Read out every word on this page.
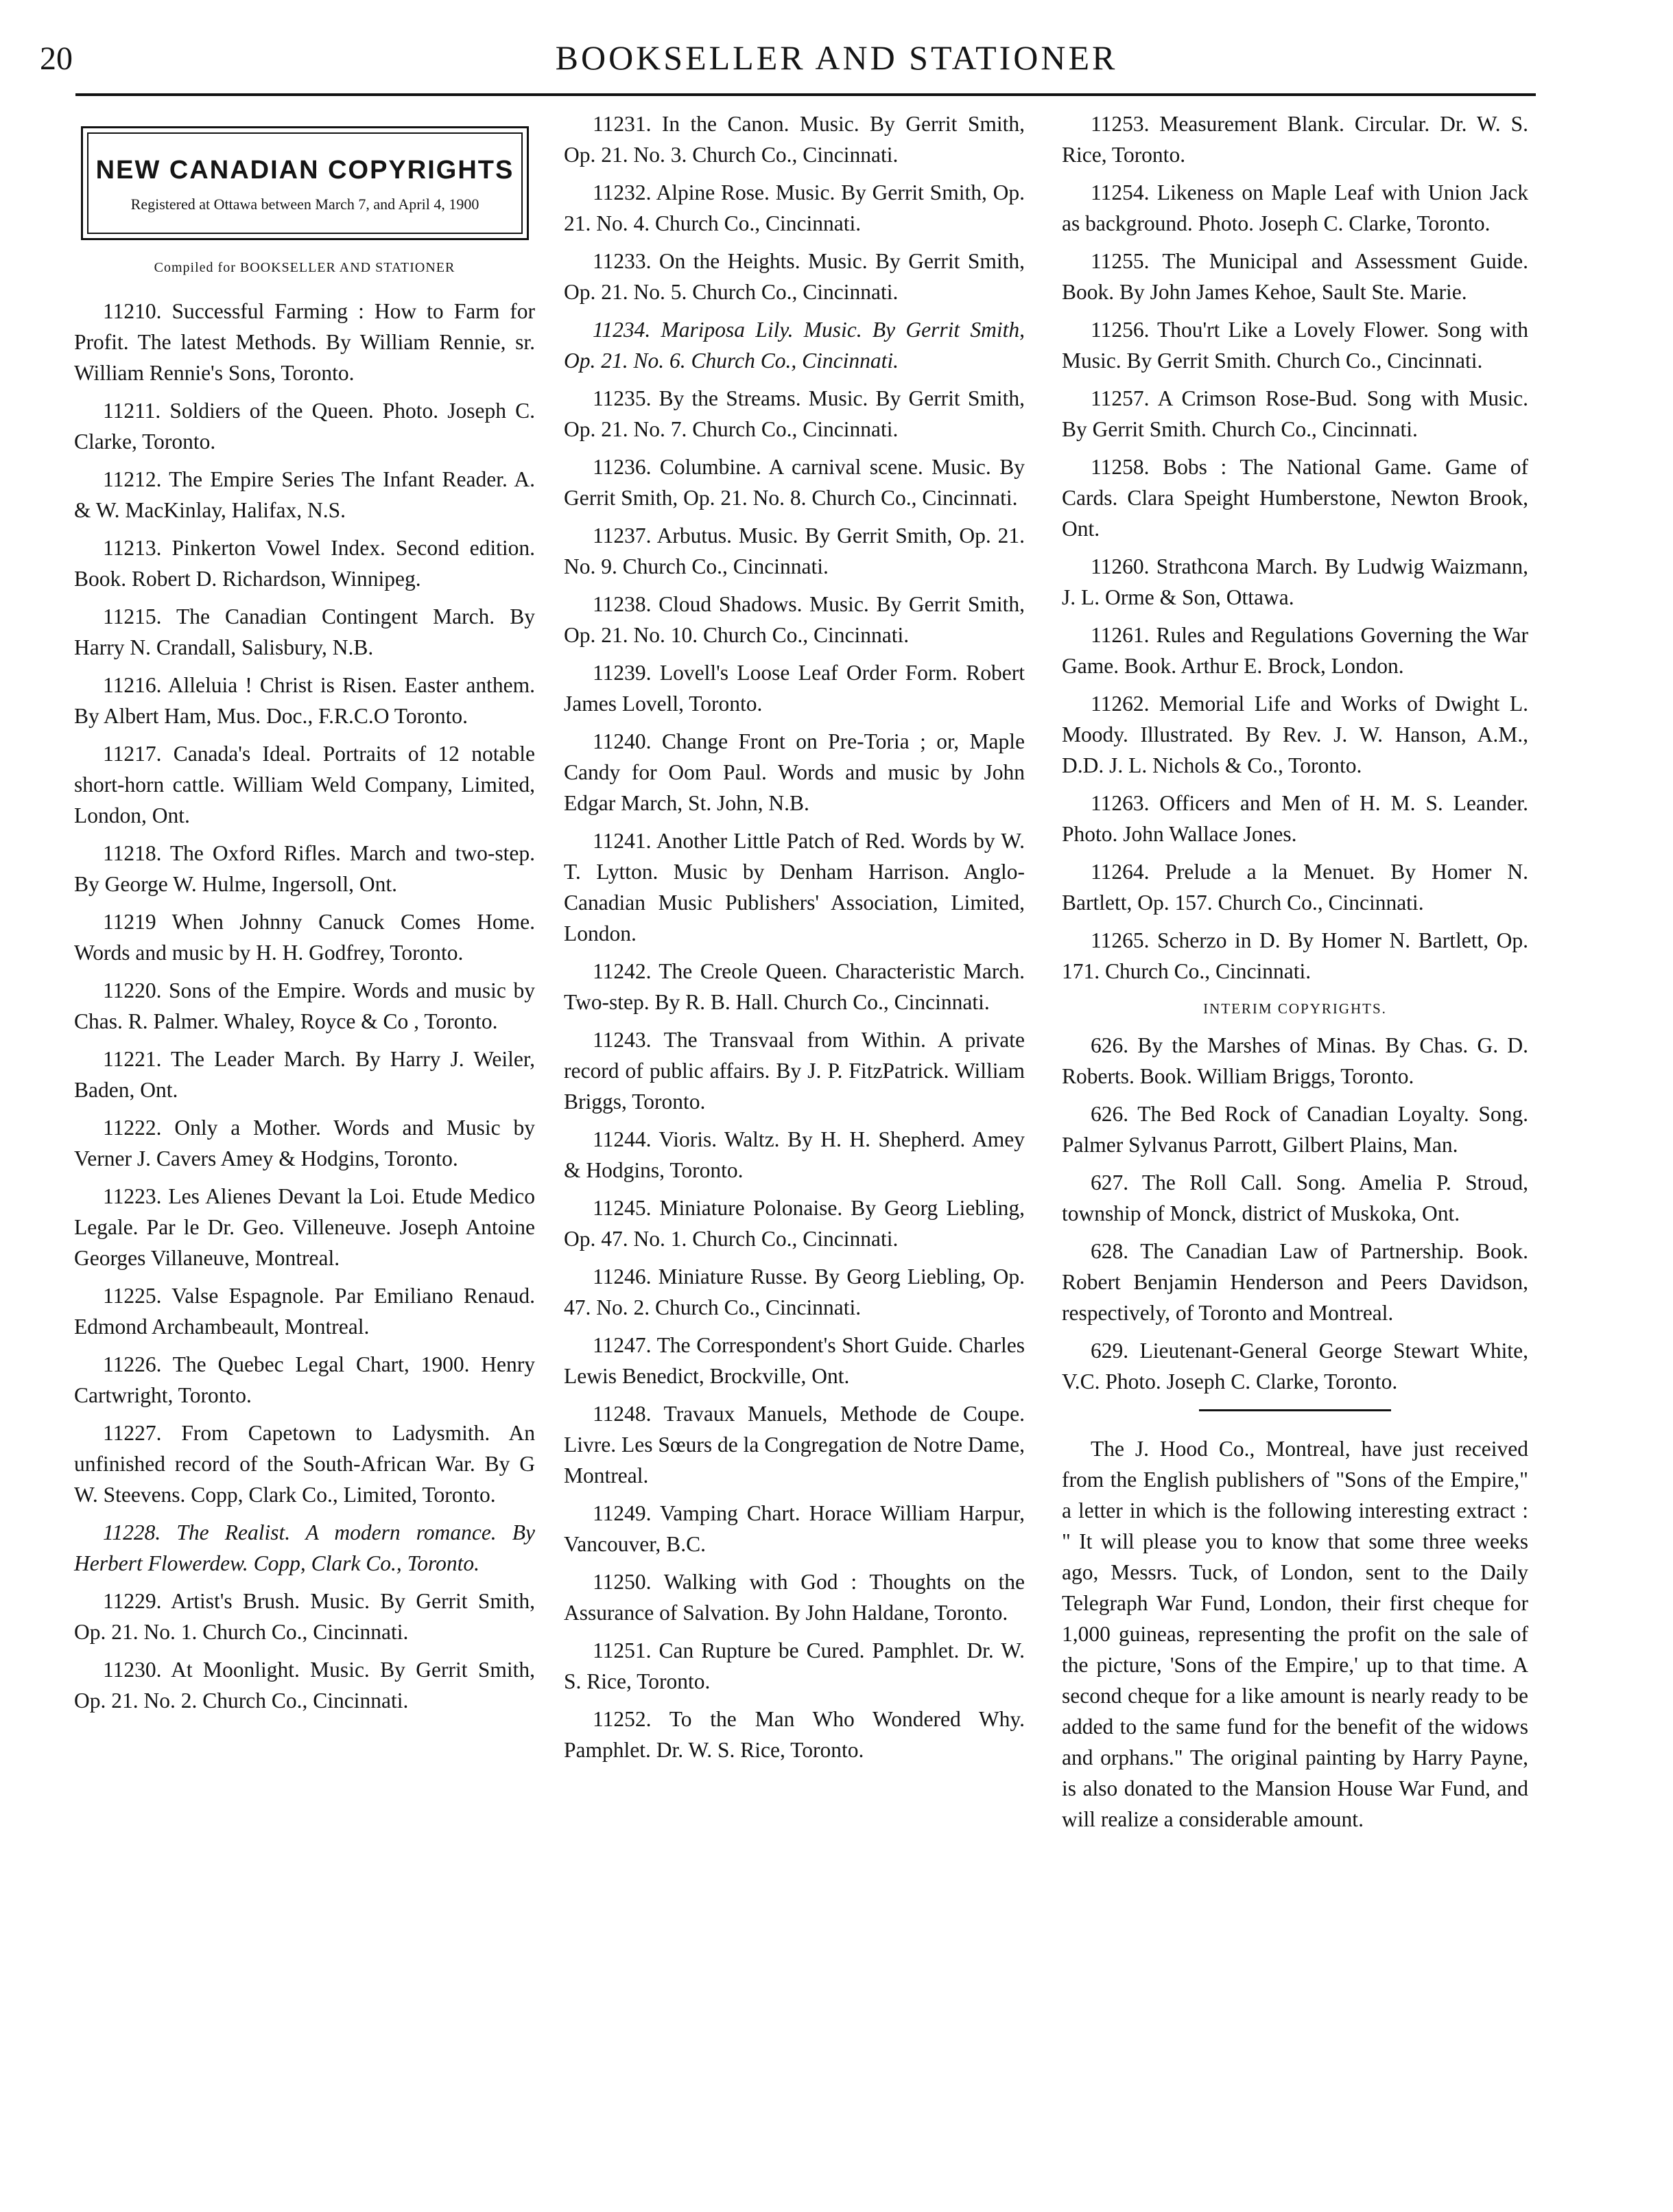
20	BOOKSELLER AND STATIONER
NEW CANADIAN COPYRIGHTS
Registered at Ottawa between March 7, and April 4, 1900
Compiled for BOOKSELLER AND STATIONER

11210. Successful Farming : How to Farm for Profit. The latest Methods. By William Rennie, sr. William Rennie's Sons, Toronto.

11211. Soldiers of the Queen. Photo. Joseph C. Clarke, Toronto.

11212. The Empire Series The Infant Reader. A. & W. MacKinlay, Halifax, N.S.

11213. Pinkerton Vowel Index. Second edition. Book. Robert D. Richardson, Winnipeg.

11215. The Canadian Contingent March. By Harry N. Crandall, Salisbury, N.B.

11216. Alleluia ! Christ is Risen. Easter anthem. By Albert Ham, Mus. Doc., F.R.C.O Toronto.

11217. Canada's Ideal. Portraits of 12 notable short-horn cattle. William Weld Company, Limited, London, Ont.

11218. The Oxford Rifles. March and two-step. By George W. Hulme, Ingersoll, Ont.

11219 When Johnny Canuck Comes Home. Words and music by H. H. Godfrey, Toronto.

11220. Sons of the Empire. Words and music by Chas. R. Palmer. Whaley, Royce & Co , Toronto.

11221. The Leader March. By Harry J. Weiler, Baden, Ont.

11222. Only a Mother. Words and Music by Verner J. Cavers Amey & Hodgins, Toronto.

11223. Les Alienes Devant la Loi. Etude Medico Legale. Par le Dr. Geo. Villeneuve. Joseph Antoine Georges Villaneuve, Montreal.

11225. Valse Espagnole. Par Emiliano Renaud. Edmond Archambeault, Montreal.

11226. The Quebec Legal Chart, 1900. Henry Cartwright, Toronto.

11227. From Capetown to Ladysmith. An unfinished record of the South-African War. By G W. Steevens. Copp, Clark Co., Limited, Toronto.

11228. The Realist. A modern romance. By Herbert Flowerdew. Copp, Clark Co., Toronto.

11229. Artist's Brush. Music. By Gerrit Smith, Op. 21. No. 1. Church Co., Cincinnati.

11230. At Moonlight. Music. By Gerrit Smith, Op. 21. No. 2. Church Co., Cincinnati.

11231. In the Canon. Music. By Gerrit Smith, Op. 21. No. 3. Church Co., Cincinnati.

11232. Alpine Rose. Music. By Gerrit Smith, Op. 21. No. 4. Church Co., Cincinnati.

11233. On the Heights. Music. By Gerrit Smith, Op. 21. No. 5. Church Co., Cincinnati.

11234. Mariposa Lily. Music. By Gerrit Smith, Op. 21. No. 6. Church Co., Cincinnati.

11235. By the Streams. Music. By Gerrit Smith, Op. 21. No. 7. Church Co., Cincinnati.

11236. Columbine. A carnival scene. Music. By Gerrit Smith, Op. 21. No. 8. Church Co., Cincinnati.

11237. Arbutus. Music. By Gerrit Smith, Op. 21. No. 9. Church Co., Cincinnati.

11238. Cloud Shadows. Music. By Gerrit Smith, Op. 21. No. 10. Church Co., Cincinnati.

11239. Lovell's Loose Leaf Order Form. Robert James Lovell, Toronto.

11240. Change Front on Pre-Toria ; or, Maple Candy for Oom Paul. Words and music by John Edgar March, St. John, N.B.

11241. Another Little Patch of Red. Words by W. T. Lytton. Music by Denham Harrison. Anglo-Canadian Music Publishers' Association, Limited, London.

11242. The Creole Queen. Characteristic March. Two-step. By R. B. Hall. Church Co., Cincinnati.

11243. The Transvaal from Within. A private record of public affairs. By J. P. FitzPatrick. William Briggs, Toronto.

11244. Vioris. Waltz. By H. H. Shepherd. Amey & Hodgins, Toronto.

11245. Miniature Polonaise. By Georg Liebling, Op. 47. No. 1. Church Co., Cincinnati.

11246. Miniature Russe. By Georg Liebling, Op. 47. No. 2. Church Co., Cincinnati.

11247. The Correspondent's Short Guide. Charles Lewis Benedict, Brockville, Ont.

11248. Travaux Manuels, Methode de Coupe. Livre. Les Sœurs de la Congregation de Notre Dame, Montreal.

11249. Vamping Chart. Horace William Harpur, Vancouver, B.C.

11250. Walking with God : Thoughts on the Assurance of Salvation. By John Haldane, Toronto.

11251. Can Rupture be Cured. Pamphlet. Dr. W. S. Rice, Toronto.

11252. To the Man Who Wondered Why. Pamphlet. Dr. W. S. Rice, Toronto.

11253. Measurement Blank. Circular. Dr. W. S. Rice, Toronto.

11254. Likeness on Maple Leaf with Union Jack as background. Photo. Joseph C. Clarke, Toronto.

11255. The Municipal and Assessment Guide. Book. By John James Kehoe, Sault Ste. Marie.

11256. Thou'rt Like a Lovely Flower. Song with Music. By Gerrit Smith. Church Co., Cincinnati.

11257. A Crimson Rose-Bud. Song with Music. By Gerrit Smith. Church Co., Cincinnati.

11258. Bobs : The National Game. Game of Cards. Clara Speight Humberstone, Newton Brook, Ont.

11260. Strathcona March. By Ludwig Waizmann, J. L. Orme & Son, Ottawa.

11261. Rules and Regulations Governing the War Game. Book. Arthur E. Brock, London.

11262. Memorial Life and Works of Dwight L. Moody. Illustrated. By Rev. J. W. Hanson, A.M., D.D. J. L. Nichols & Co., Toronto.

11263. Officers and Men of H. M. S. Leander. Photo. John Wallace Jones.

11264. Prelude a la Menuet. By Homer N. Bartlett, Op. 157. Church Co., Cincinnati.

11265. Scherzo in D. By Homer N. Bartlett, Op. 171. Church Co., Cincinnati.

INTERIM COPYRIGHTS.

626. By the Marshes of Minas. By Chas. G. D. Roberts. Book. William Briggs, Toronto.

626. The Bed Rock of Canadian Loyalty. Song. Palmer Sylvanus Parrott, Gilbert Plains, Man.

627. The Roll Call. Song. Amelia P. Stroud, township of Monck, district of Muskoka, Ont.

628. The Canadian Law of Partnership. Book. Robert Benjamin Henderson and Peers Davidson, respectively, of Toronto and Montreal.

629. Lieutenant-General George Stewart White, V.C. Photo. Joseph C. Clarke, Toronto.

The J. Hood Co., Montreal, have just received from the English publishers of "Sons of the Empire," a letter in which is the following interesting extract : " It will please you to know that some three weeks ago, Messrs. Tuck, of London, sent to the Daily Telegraph War Fund, London, their first cheque for 1,000 guineas, representing the profit on the sale of the picture, 'Sons of the Empire,' up to that time. A second cheque for a like amount is nearly ready to be added to the same fund for the benefit of the widows and orphans." The original painting by Harry Payne, is also donated to the Mansion House War Fund, and will realize a considerable amount.
